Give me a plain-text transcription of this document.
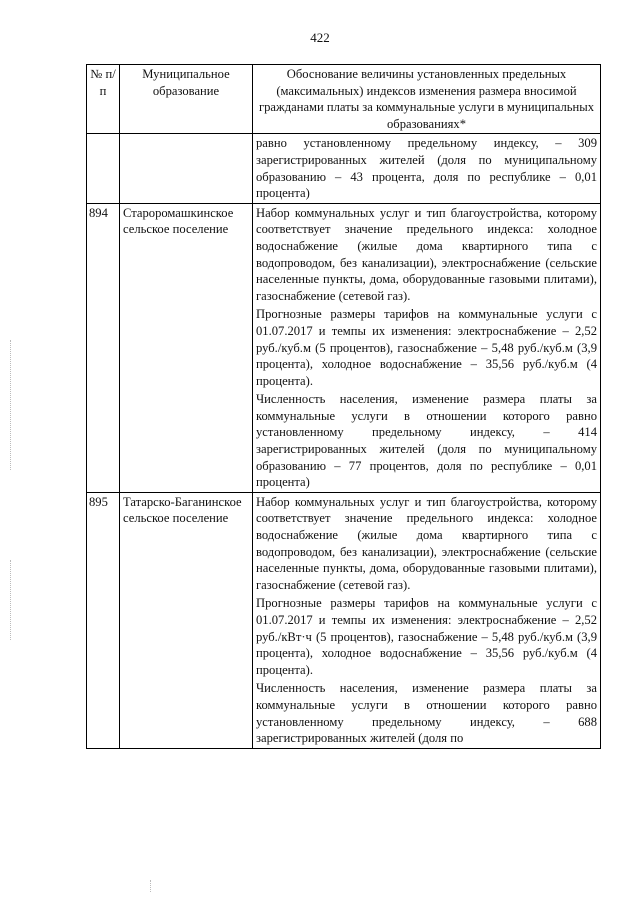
422
№ п/п	Муниципальное образование	Обоснование величины установленных предельных (максимальных) индексов изменения размера вносимой гражданами платы за коммунальные услуги в муниципальных образованиях*

		равно установленному предельному индексу, – 309 зарегистрированных жителей (доля по муниципальному образованию – 43 процента, доля по республике – 0,01 процента)

894	Староромашкинское сельское поселение	Набор коммунальных услуг и тип благоустройства, которому соответствует значение предельного индекса: холодное водоснабжение (жилые дома квартирного типа с водопроводом, без канализации), электроснабжение (сельские населенные пункты, дома, оборудованные газовыми плитами), газоснабжение (сетевой газ).
Прогнозные размеры тарифов на коммунальные услуги с 01.07.2017 и темпы их изменения: электроснабжение – 2,52 руб./куб.м (5 процентов), газоснабжение – 5,48 руб./куб.м (3,9 процента), холодное водоснабжение – 35,56 руб./куб.м (4 процента).
Численность населения, изменение размера платы за коммунальные услуги в отношении которого равно установленному предельному индексу, – 414 зарегистрированных жителей (доля по муниципальному образованию – 77 процентов, доля по республике – 0,01 процента)

895	Татарско-Баганинское сельское поселение	Набор коммунальных услуг и тип благоустройства, которому соответствует значение предельного индекса: холодное водоснабжение (жилые дома квартирного типа с водопроводом, без канализации), электроснабжение (сельские населенные пункты, дома, оборудованные газовыми плитами), газоснабжение (сетевой газ).
Прогнозные размеры тарифов на коммунальные услуги с 01.07.2017 и темпы их изменения: электроснабжение – 2,52 руб./кВт·ч (5 процентов), газоснабжение – 5,48 руб./куб.м (3,9 процента), холодное водоснабжение – 35,56 руб./куб.м (4 процента).
Численность населения, изменение размера платы за коммунальные услуги в отношении которого равно установленному предельному индексу, – 688 зарегистрированных жителей (доля по
